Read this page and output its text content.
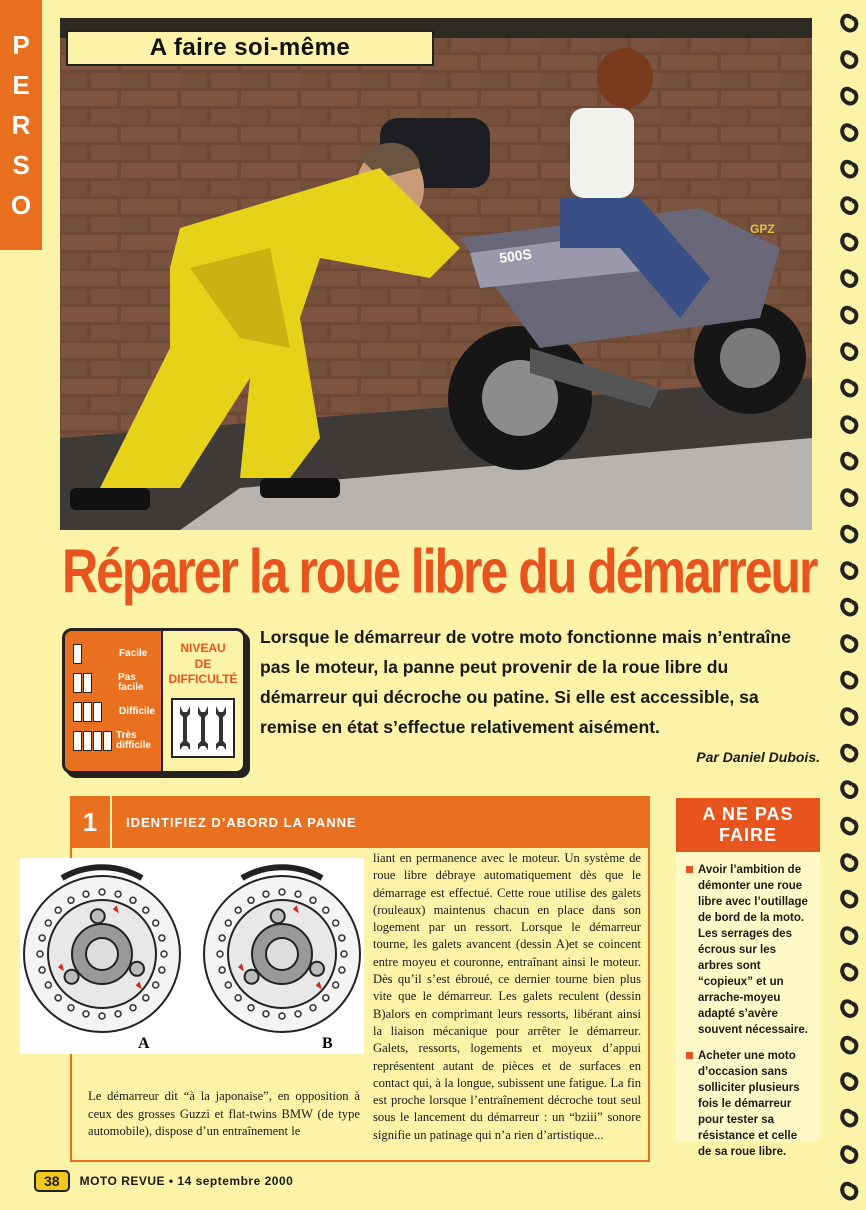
P
E
R
S
O
500S
GPZ
A faire soi-même
Réparer la roue libre du démarreur
Facile
Pas facile
Difficile
Très difficile
NIVEAU
DE
DIFFICULTÉ

Lorsque le démarreur de votre moto fonctionne mais n’entraîne pas le moteur, la panne peut provenir de la roue libre du démarreur qui décroche ou patine. Si elle est accessible, sa remise en état s’effectue relativement aisément.

Par Daniel Dubois.
1	IDENTIFIEZ D’ABORD LA PANNE
A	B

liant en permanence avec le moteur. Un système de roue libre débraye automatiquement dès que le démarrage est effectué. Cette roue utilise des galets (rouleaux) maintenus chacun en place dans son logement par un ressort. Lorsque le démarreur tourne, les galets avancent (dessin A)et se coincent entre moyeu et couronne, entraînant ainsi le moteur. Dès qu’il s’est ébroué, ce dernier tourne bien plus vite que le démarreur. Les galets reculent (dessin B)alors en comprimant leurs ressorts, libérant ainsi la liaison mécanique pour arrêter le démarreur. Galets, ressorts, logements et moyeux d’appui représentent autant de pièces et de surfaces en contact qui, à la longue, subissent une fatigue. La fin est proche lorsque l’entraînement décroche tout seul sous le lancement du démarreur : un “bziii” sonore signifie un patinage qui n’a rien d’artistique...

Le démarreur dit “à la japonaise”, en opposition à ceux des grosses Guzzi et flat-twins BMW (de type automobile), dispose d’un entraînement le

A NE PAS
FAIRE
Avoir l’ambition de démonter une roue libre avec l’outillage de bord de la moto. Les serrages des écrous sur les arbres sont “copieux” et un arrache-moyeu adapté s’avère souvent nécessaire.
Acheter une moto d’occasion sans solliciter plusieurs fois le démarreur pour tester sa résistance et celle de sa roue libre.
38	MOTO REVUE • 14 septembre 2000
